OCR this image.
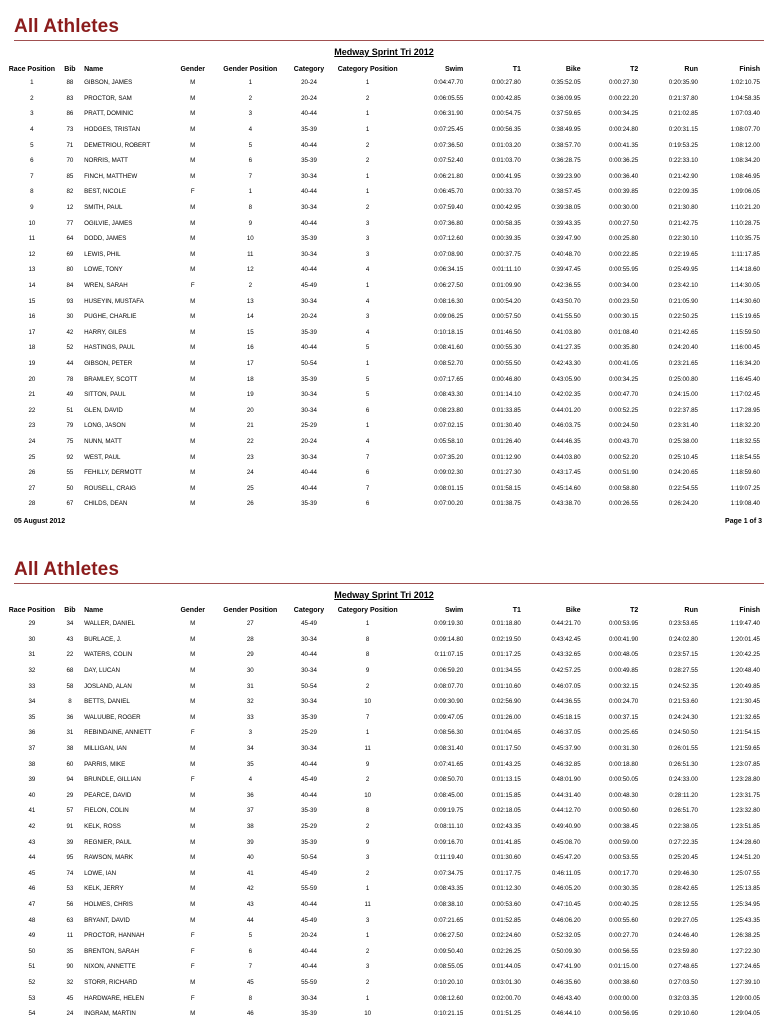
All Athletes
Medway Sprint Tri 2012
Race Position	Bib	Name	Gender	Gender Position	Category	Category Position	Swim	T1	Bike	T2	Run	Finish
1	88	GIBSON, JAMES	M	1	20-24	1	0:04:47.70	0:00:27.80	0:35:52.05	0:00:27.30	0:20:35.90	1:02:10.75
2	83	PROCTOR, SAM	M	2	20-24	2	0:06:05.55	0:00:42.85	0:36:09.95	0:00:22.20	0:21:37.80	1:04:58.35
3	86	PRATT, DOMINIC	M	3	40-44	1	0:06:31.90	0:00:54.75	0:37:59.65	0:00:34.25	0:21:02.85	1:07:03.40
4	73	HODGES, TRISTAN	M	4	35-39	1	0:07:25.45	0:00:56.35	0:38:49.95	0:00:24.80	0:20:31.15	1:08:07.70
5	71	DEMETRIOU, ROBERT	M	5	40-44	2	0:07:36.50	0:01:03.20	0:38:57.70	0:00:41.35	0:19:53.25	1:08:12.00
6	70	NORRIS, MATT	M	6	35-39	2	0:07:52.40	0:01:03.70	0:36:28.75	0:00:36.25	0:22:33.10	1:08:34.20
7	85	FINCH, MATTHEW	M	7	30-34	1	0:06:21.80	0:00:41.95	0:39:23.90	0:00:36.40	0:21:42.90	1:08:46.95
8	82	BEST, NICOLE	F	1	40-44	1	0:06:45.70	0:00:33.70	0:38:57.45	0:00:39.85	0:22:09.35	1:09:06.05
9	12	SMITH, PAUL	M	8	30-34	2	0:07:59.40	0:00:42.95	0:39:38.05	0:00:30.00	0:21:30.80	1:10:21.20
10	77	OGILVIE, JAMES	M	9	40-44	3	0:07:36.80	0:00:58.35	0:39:43.35	0:00:27.50	0:21:42.75	1:10:28.75
11	64	DODD, JAMES	M	10	35-39	3	0:07:12.60	0:00:39.35	0:39:47.90	0:00:25.80	0:22:30.10	1:10:35.75
12	69	LEWIS, PHIL	M	11	30-34	3	0:07:08.90	0:00:37.75	0:40:48.70	0:00:22.85	0:22:19.65	1:11:17.85
13	80	LOWE, TONY	M	12	40-44	4	0:06:34.15	0:01:11.10	0:39:47.45	0:00:55.95	0:25:49.95	1:14:18.60
14	84	WREN, SARAH	F	2	45-49	1	0:06:27.50	0:01:09.90	0:42:36.55	0:00:34.00	0:23:42.10	1:14:30.05
15	93	HUSEYIN, MUSTAFA	M	13	30-34	4	0:08:16.30	0:00:54.20	0:43:50.70	0:00:23.50	0:21:05.90	1:14:30.60
16	30	PUGHE, CHARLIE	M	14	20-24	3	0:09:06.25	0:00:57.50	0:41:55.50	0:00:30.15	0:22:50.25	1:15:19.65
17	42	HARRY, GILES	M	15	35-39	4	0:10:18.15	0:01:46.50	0:41:03.80	0:01:08.40	0:21:42.65	1:15:59.50
18	52	HASTINGS, PAUL	M	16	40-44	5	0:08:41.60	0:00:55.30	0:41:27.35	0:00:35.80	0:24:20.40	1:16:00.45
19	44	GIBSON, PETER	M	17	50-54	1	0:08:52.70	0:00:55.50	0:42:43.30	0:00:41.05	0:23:21.65	1:16:34.20
20	78	BRAMLEY, SCOTT	M	18	35-39	5	0:07:17.65	0:00:46.80	0:43:05.90	0:00:34.25	0:25:00.80	1:16:45.40
21	49	SITTON, PAUL	M	19	30-34	5	0:08:43.30	0:01:14.10	0:42:02.35	0:00:47.70	0:24:15.00	1:17:02.45
22	51	GLEN, DAVID	M	20	30-34	6	0:08:23.80	0:01:33.85	0:44:01.20	0:00:52.25	0:22:37.85	1:17:28.95
23	79	LONG, JASON	M	21	25-29	1	0:07:02.15	0:01:30.40	0:46:03.75	0:00:24.50	0:23:31.40	1:18:32.20
24	75	NUNN, MATT	M	22	20-24	4	0:05:58.10	0:01:26.40	0:44:46.35	0:00:43.70	0:25:38.00	1:18:32.55
25	92	WEST, PAUL	M	23	30-34	7	0:07:35.20	0:01:12.90	0:44:03.80	0:00:52.20	0:25:10.45	1:18:54.55
26	55	FEHILLY, DERMOTT	M	24	40-44	6	0:09:02.30	0:01:27.30	0:43:17.45	0:00:51.90	0:24:20.65	1:18:59.60
27	50	ROUSELL, CRAIG	M	25	40-44	7	0:08:01.15	0:01:58.15	0:45:14.60	0:00:58.80	0:22:54.55	1:19:07.25
28	67	CHILDS, DEAN	M	26	35-39	6	0:07:00.20	0:01:38.75	0:43:38.70	0:00:26.55	0:26:24.20	1:19:08.40
05 August 2012	Page 1 of 3
All Athletes
Medway Sprint Tri 2012
Race Position	Bib	Name	Gender	Gender Position	Category	Category Position	Swim	T1	Bike	T2	Run	Finish
29	34	WALLER, DANIEL	M	27	45-49	1	0:09:19.30	0:01:18.80	0:44:21.70	0:00:53.95	0:23:53.65	1:19:47.40
30	43	BURLACE, J.	M	28	30-34	8	0:09:14.80	0:02:19.50	0:43:42.45	0:00:41.90	0:24:02.80	1:20:01.45
31	22	WATERS, COLIN	M	29	40-44	8	0:11:07.15	0:01:17.25	0:43:32.65	0:00:48.05	0:23:57.15	1:20:42.25
32	68	DAY, LUCAN	M	30	30-34	9	0:06:59.20	0:01:34.55	0:42:57.25	0:00:49.85	0:28:27.55	1:20:48.40
33	58	JOSLAND, ALAN	M	31	50-54	2	0:08:07.70	0:01:10.60	0:46:07.05	0:00:32.15	0:24:52.35	1:20:49.85
34	8	BETTS, DANIEL	M	32	30-34	10	0:09:30.90	0:02:56.90	0:44:36.55	0:00:24.70	0:21:53.60	1:21:30.45
35	36	WALUUBE, ROGER	M	33	35-39	7	0:09:47.05	0:01:26.00	0:45:18.15	0:00:37.15	0:24:24.30	1:21:32.65
36	31	REBINDAINE, ANNIETT	F	3	25-29	1	0:08:56.30	0:01:04.65	0:46:37.05	0:00:25.65	0:24:50.50	1:21:54.15
37	38	MILLIGAN, IAN	M	34	30-34	11	0:08:31.40	0:01:17.50	0:45:37.90	0:00:31.30	0:26:01.55	1:21:59.65
38	60	PARRIS, MIKE	M	35	40-44	9	0:07:41.65	0:01:43.25	0:46:32.85	0:00:18.80	0:26:51.30	1:23:07.85
39	94	BRUNDLE, GILLIAN	F	4	45-49	2	0:08:50.70	0:01:13.15	0:48:01.90	0:00:50.05	0:24:33.00	1:23:28.80
40	29	PEARCE, DAVID	M	36	40-44	10	0:08:45.00	0:01:15.85	0:44:31.40	0:00:48.30	0:28:11.20	1:23:31.75
41	57	FIELON, COLIN	M	37	35-39	8	0:09:19.75	0:02:18.05	0:44:12.70	0:00:50.60	0:26:51.70	1:23:32.80
42	91	KELK, ROSS	M	38	25-29	2	0:08:11.10	0:02:43.35	0:49:40.90	0:00:38.45	0:22:38.05	1:23:51.85
43	39	REGNIER, PAUL	M	39	35-39	9	0:09:16.70	0:01:41.85	0:45:08.70	0:00:59.00	0:27:22.35	1:24:28.60
44	95	RAWSON, MARK	M	40	50-54	3	0:11:19.40	0:01:30.60	0:45:47.20	0:00:53.55	0:25:20.45	1:24:51.20
45	74	LOWE, IAN	M	41	45-49	2	0:07:34.75	0:01:17.75	0:46:11.05	0:00:17.70	0:29:46.30	1:25:07.55
46	53	KELK, JERRY	M	42	55-59	1	0:08:43.35	0:01:12.30	0:46:05.20	0:00:30.35	0:28:42.65	1:25:13.85
47	56	HOLMES, CHRIS	M	43	40-44	11	0:08:38.10	0:00:53.60	0:47:10.45	0:00:40.25	0:28:12.55	1:25:34.95
48	63	BRYANT, DAVID	M	44	45-49	3	0:07:21.65	0:01:52.85	0:46:06.20	0:00:55.60	0:29:27.05	1:25:43.35
49	11	PROCTOR, HANNAH	F	5	20-24	1	0:06:27.50	0:02:24.60	0:52:32.05	0:00:27.70	0:24:46.40	1:26:38.25
50	35	BRENTON, SARAH	F	6	40-44	2	0:09:50.40	0:02:26.25	0:50:09.30	0:00:56.55	0:23:59.80	1:27:22.30
51	90	NIXON, ANNETTE	F	7	40-44	3	0:08:55.05	0:01:44.05	0:47:41.90	0:01:15.00	0:27:48.65	1:27:24.65
52	32	STORR, RICHARD	M	45	55-59	2	0:10:20.10	0:03:01.30	0:46:35.60	0:00:38.60	0:27:03.50	1:27:39.10
53	45	HARDWARE, HELEN	F	8	30-34	1	0:08:12.60	0:02:00.70	0:46:43.40	0:00:00.00	0:32:03.35	1:29:00.05
54	24	INGRAM, MARTIN	M	46	35-39	10	0:10:21.15	0:01:51.25	0:46:44.10	0:00:56.95	0:29:10.60	1:29:04.05
